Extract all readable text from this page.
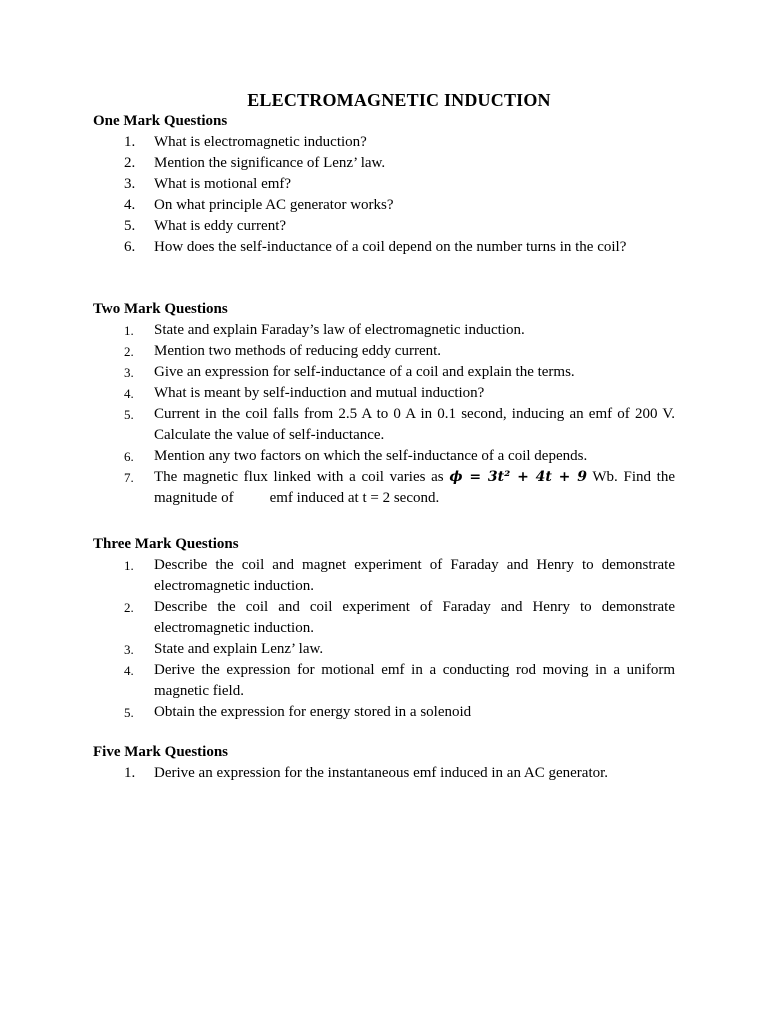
ELECTROMAGNETIC INDUCTION
One Mark Questions
1. What is electromagnetic induction?
2. Mention the significance of Lenz’ law.
3. What is motional emf?
4. On what principle AC generator works?
5. What is eddy current?
6. How does the self-inductance of a coil depend on the number turns in the coil?
Two Mark Questions
1. State and explain Faraday’s law of electromagnetic induction.
2. Mention two methods of reducing eddy current.
3. Give an expression for self-inductance of a coil and explain the terms.
4. What is meant by self-induction and mutual induction?
5. Current in the coil falls from 2.5 A to 0 A in 0.1 second, inducing an emf of 200 V. Calculate the value of self-inductance.
6. Mention any two factors on which the self-inductance of a coil depends.
7. The magnetic flux linked with a coil varies as ϕ = 3t² + 4t + 9 Wb. Find the magnitude of emf induced at t = 2 second.
Three Mark Questions
1. Describe the coil and magnet experiment of Faraday and Henry to demonstrate electromagnetic induction.
2. Describe the coil and coil experiment of Faraday and Henry to demonstrate electromagnetic induction.
3. State and explain Lenz’ law.
4. Derive the expression for motional emf in a conducting rod moving in a uniform magnetic field.
5. Obtain the expression for energy stored in a solenoid
Five Mark Questions
1. Derive an expression for the instantaneous emf induced in an AC generator.
